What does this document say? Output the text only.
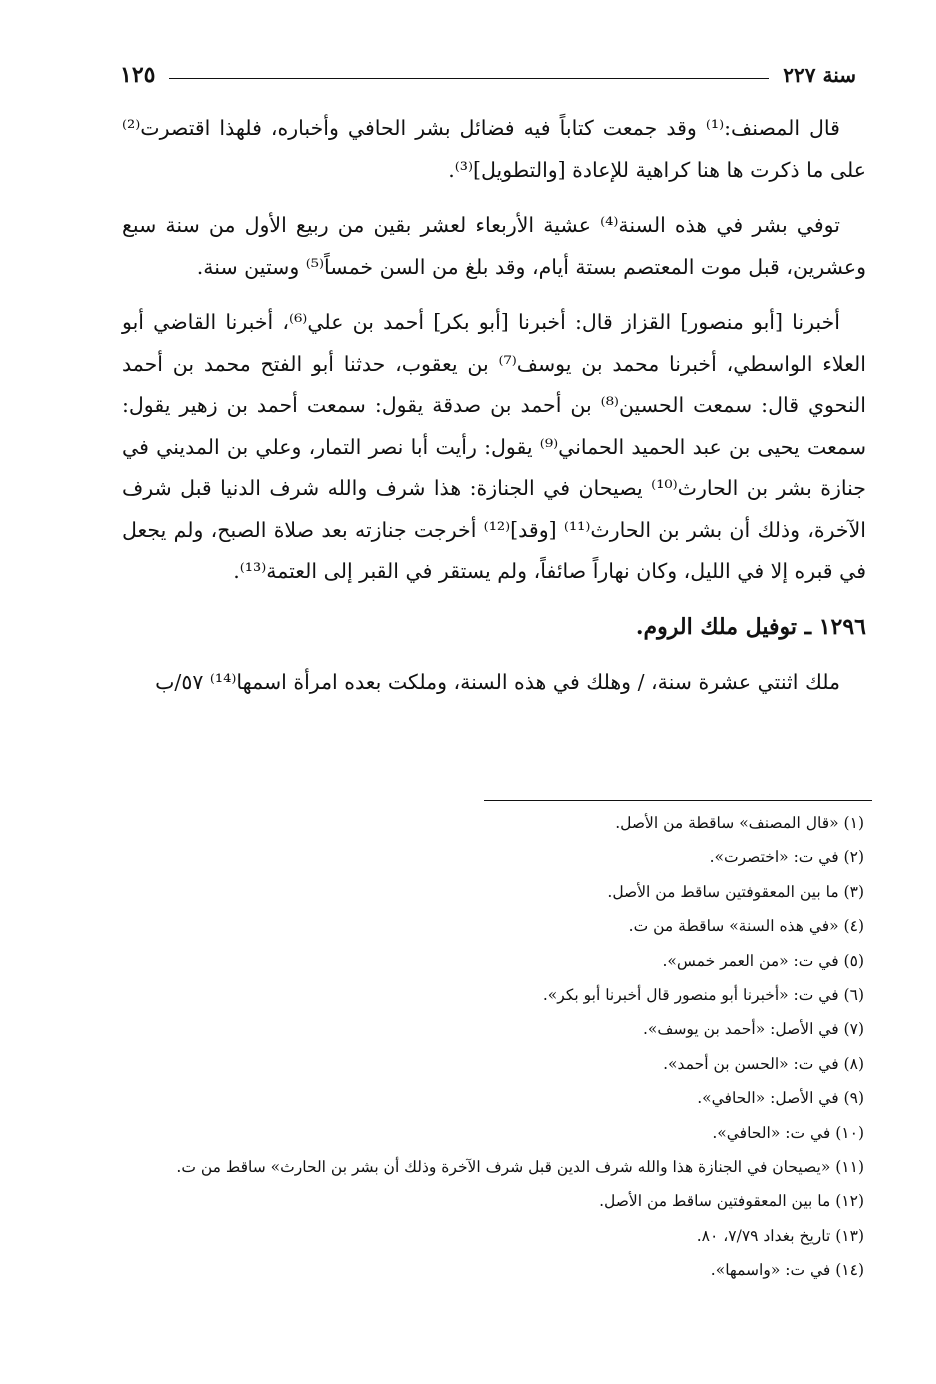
سنة ٢٢٧
١٢٥

قال المصنف:⁽¹⁾ وقد جمعت كتاباً فيه فضائل بشر الحافي وأخباره، فلهذا اقتصرت⁽²⁾ على ما ذكرت ها هنا كراهية للإعادة [والتطويل]⁽³⁾.

توفي بشر في هذه السنة⁽⁴⁾ عشية الأربعاء لعشر بقين من ربيع الأول من سنة سبع وعشرين، قبل موت المعتصم بستة أيام، وقد بلغ من السن خمساً⁽⁵⁾ وستين سنة.

أخبرنا [أبو منصور] القزاز قال: أخبرنا [أبو بكر] أحمد بن علي⁽⁶⁾، أخبرنا القاضي أبو العلاء الواسطي، أخبرنا محمد بن يوسف⁽⁷⁾ بن يعقوب، حدثنا أبو الفتح محمد بن أحمد النحوي قال: سمعت الحسين⁽⁸⁾ بن أحمد بن صدقة يقول: سمعت أحمد بن زهير يقول: سمعت يحيى بن عبد الحميد الحماني⁽⁹⁾ يقول: رأيت أبا نصر التمار، وعلي بن المديني في جنازة بشر بن الحارث⁽¹⁰⁾ يصيحان في الجنازة: هذا شرف والله شرف الدنيا قبل شرف الآخرة، وذلك أن بشر بن الحارث⁽¹¹⁾ [وقد]⁽¹²⁾ أخرجت جنازته بعد صلاة الصبح، ولم يجعل في قبره إلا في الليل، وكان نهاراً صائفاً، ولم يستقر في القبر إلى العتمة⁽¹³⁾.

١٢٩٦ ـ توفيل ملك الروم.

ملك اثنتي عشرة سنة، / وهلك في هذه السنة، وملكت بعده امرأة اسمها⁽¹⁴⁾ ٥٧/ب

(١) «قال المصنف» ساقطة من الأصل.
(٢) في ت: «اختصرت».
(٣) ما بين المعقوفتين ساقط من الأصل.
(٤) «في هذه السنة» ساقطة من ت.
(٥) في ت: «من العمر خمس».
(٦) في ت: «أخبرنا أبو منصور قال أخبرنا أبو بكر».
(٧) في الأصل: «أحمد بن يوسف».
(٨) في ت: «الحسن بن أحمد».
(٩) في الأصل: «الحافي».
(١٠) في ت: «الحافي».
(١١) «يصيحان في الجنازة هذا والله شرف الدين قبل شرف الآخرة وذلك أن بشر بن الحارث» ساقط من ت.
(١٢) ما بين المعقوفتين ساقط من الأصل.
(١٣) تاريخ بغداد ٧/٧٩، ٨٠.
(١٤) في ت: «واسمها».
